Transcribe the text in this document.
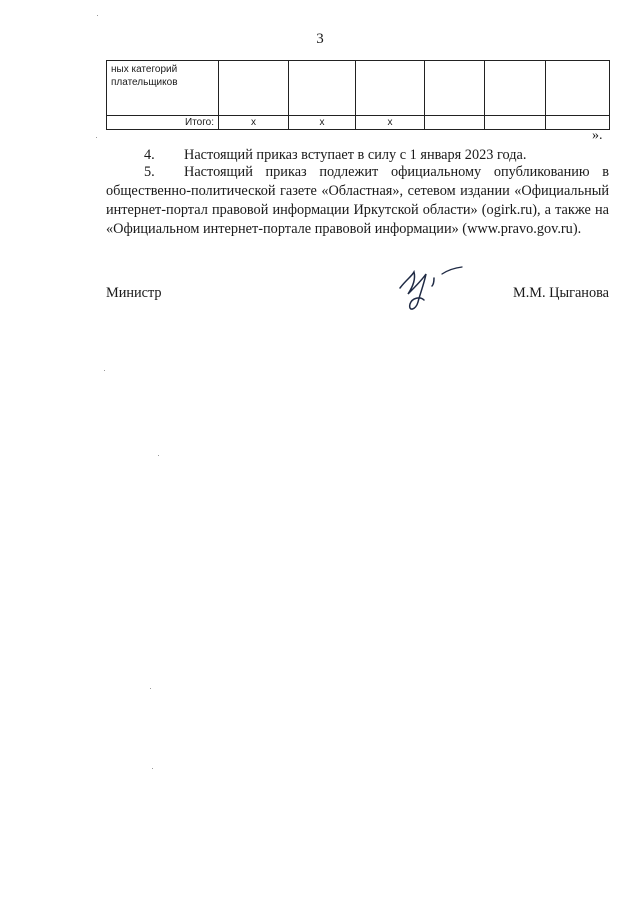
3
ных категорий
плательщиков						

Итого:	x	x	x			
».
4. Настоящий приказ вступает в силу с 1 января 2023 года.
5. Настоящий приказ подлежит официальному опубликованию в общественно-политической газете «Областная», сетевом издании «Официальный интернет-портал правовой информации Иркутской области» (ogirk.ru), а также на «Официальном интернет-портале правовой информации» (www.pravo.gov.ru).
Министр	М.М. Цыганова
